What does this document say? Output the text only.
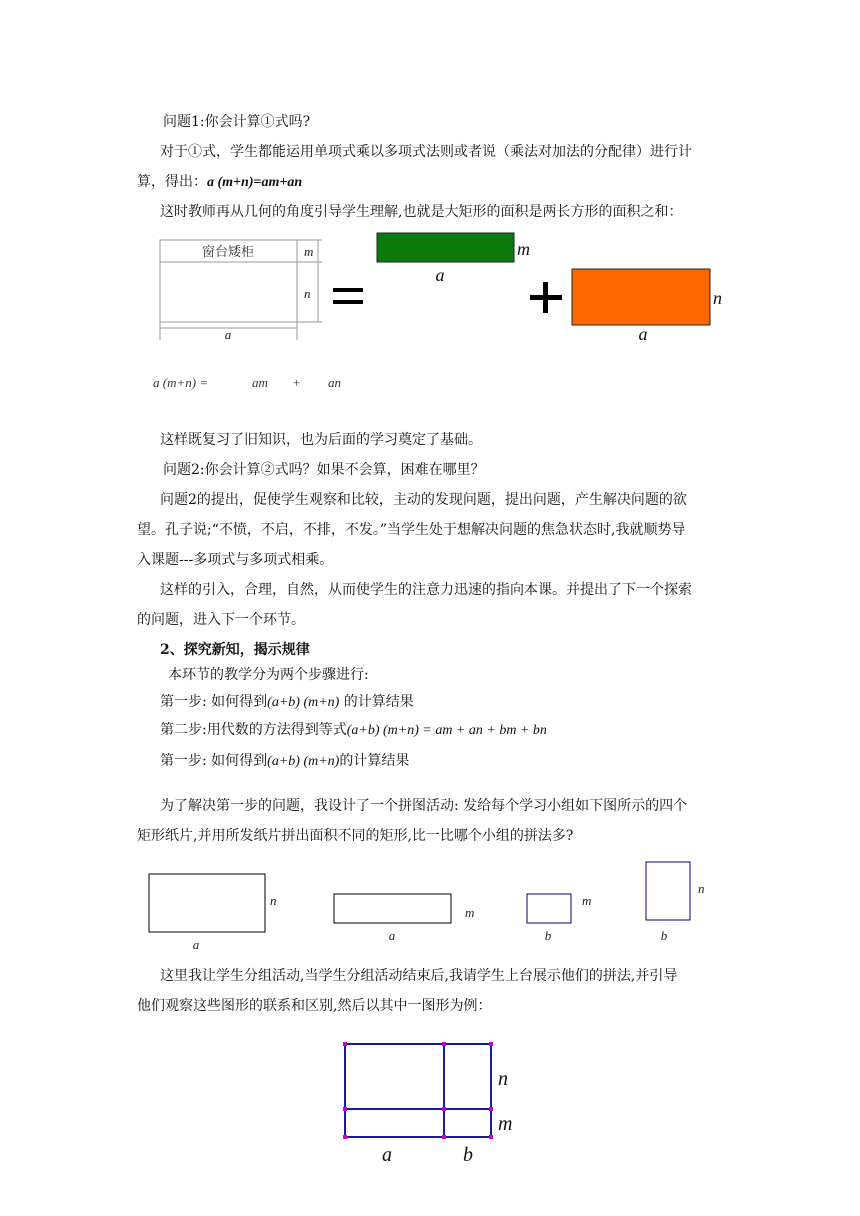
问题1:你会计算①式吗?
对于①式，学生都能运用单项式乘以多项式法则或者说（乘法对加法的分配律）进行计
算，得出：a (m+n)=am+an
这时教师再从几何的角度引导学生理解,也就是大矩形的面积是两长方形的面积之和：
窗台矮柜	m
n
a
m
a
n
a
a (m+n) =	am + an
这样既复习了旧知识，也为后面的学习奠定了基础。
问题2:你会计算②式吗？如果不会算，困难在哪里？
问题2的提出，促使学生观察和比较，主动的发现问题，提出问题，产生解决问题的欲
望。孔子说;“不愤，不启，不排，不发。”当学生处于想解决问题的焦急状态时,我就顺势导
入课题---多项式与多项式相乘。
这样的引入，合理，自然，从而使学生的注意力迅速的指向本课。并提出了下一个探索
的问题，进入下一个环节。
2、探究新知，揭示规律
本环节的教学分为两个步骤进行:
第一步: 如何得到(a+b) (m+n) 的计算结果
第二步:用代数的方法得到等式(a+b) (m+n) = am + an + bm + bn
第一步: 如何得到(a+b) (m+n)的计算结果
为了解决第一步的问题，我设计了一个拼图活动: 发给每个学习小组如下图所示的四个
矩形纸片,并用所发纸片拼出面积不同的矩形,比一比哪个小组的拼法多?
n
a
m
a
m
b
n
b
这里我让学生分组活动,当学生分组活动结束后,我请学生上台展示他们的拼法,并引导
他们观察这些图形的联系和区别,然后以其中一图形为例：
n
m
a	b
